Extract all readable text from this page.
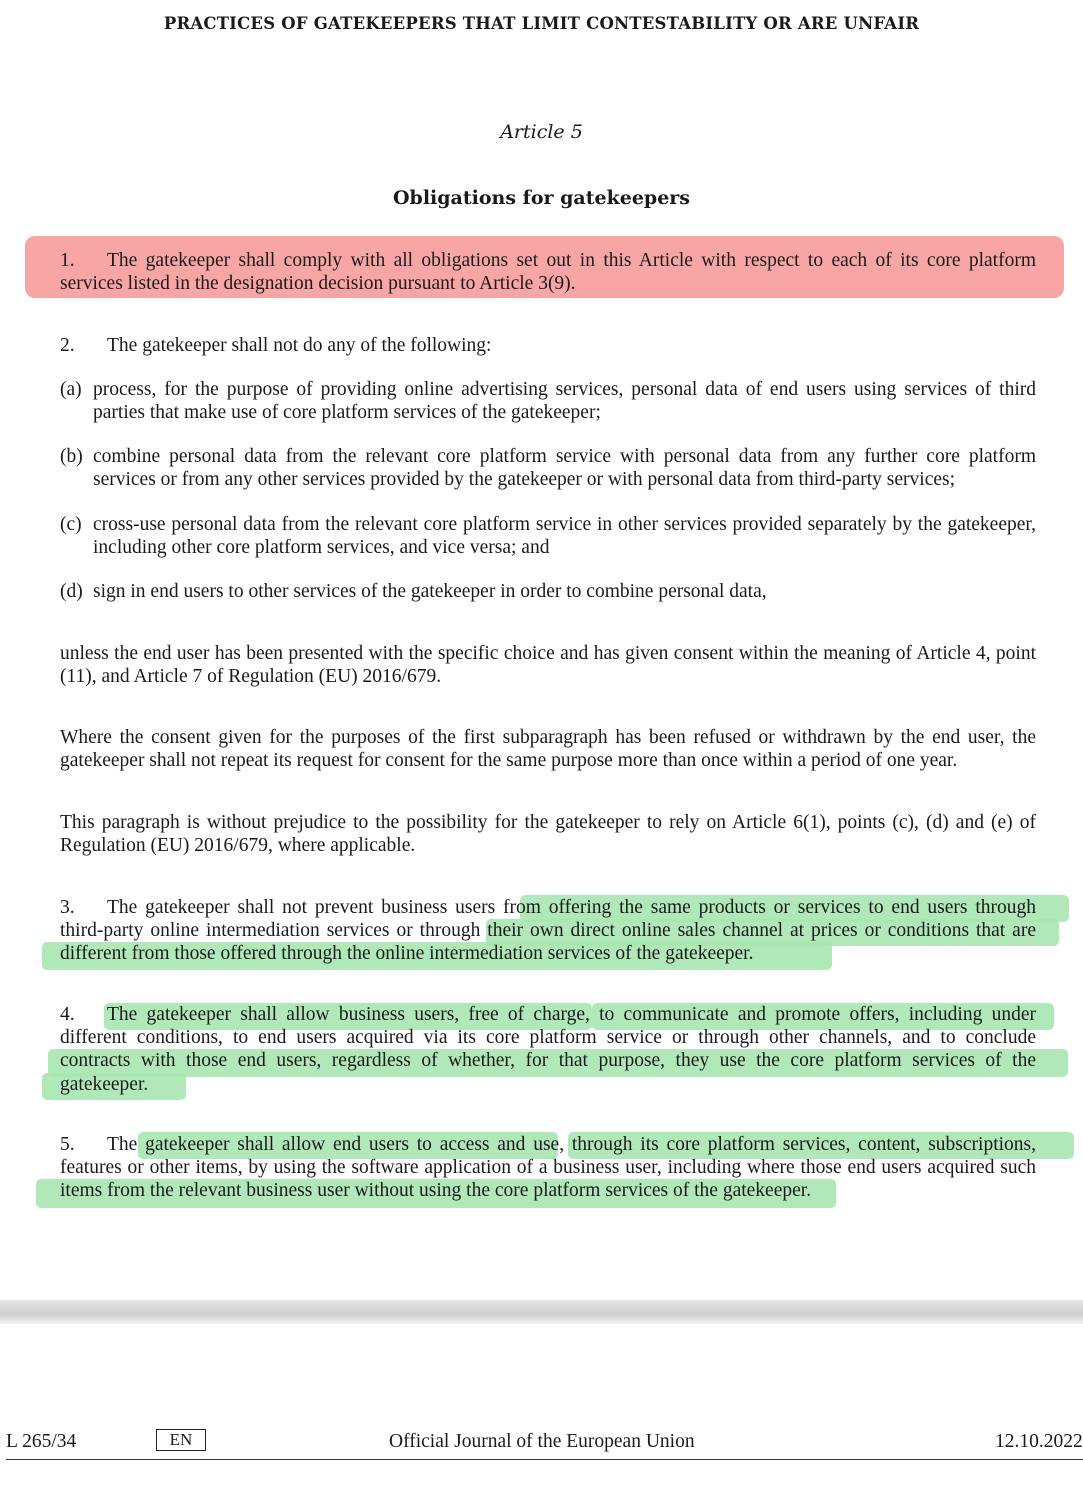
PRACTICES OF GATEKEEPERS THAT LIMIT CONTESTABILITY OR ARE UNFAIR
Article 5
Obligations for gatekeepers
1. The gatekeeper shall comply with all obligations set out in this Article with respect to each of its core platform
services listed in the designation decision pursuant to Article 3(9).
2. The gatekeeper shall not do any of the following:
(a) process, for the purpose of providing online advertising services, personal data of end users using services of third
parties that make use of core platform services of the gatekeeper;
(b) combine personal data from the relevant core platform service with personal data from any further core platform
services or from any other services provided by the gatekeeper or with personal data from third-party services;
(c) cross-use personal data from the relevant core platform service in other services provided separately by the gatekeeper,
including other core platform services, and vice versa; and
(d) sign in end users to other services of the gatekeeper in order to combine personal data,
unless the end user has been presented with the specific choice and has given consent within the meaning of Article 4, point
(11), and Article 7 of Regulation (EU) 2016/679.
Where the consent given for the purposes of the first subparagraph has been refused or withdrawn by the end user, the
gatekeeper shall not repeat its request for consent for the same purpose more than once within a period of one year.
This paragraph is without prejudice to the possibility for the gatekeeper to rely on Article 6(1), points (c), (d) and (e) of
Regulation (EU) 2016/679, where applicable.
3. The gatekeeper shall not prevent business users from offering the same products or services to end users through
third-party online intermediation services or through their own direct online sales channel at prices or conditions that are
different from those offered through the online intermediation services of the gatekeeper.
4. The gatekeeper shall allow business users, free of charge, to communicate and promote offers, including under
different conditions, to end users acquired via its core platform service or through other channels, and to conclude
contracts with those end users, regardless of whether, for that purpose, they use the core platform services of the
gatekeeper.
5. The gatekeeper shall allow end users to access and use, through its core platform services, content, subscriptions,
features or other items, by using the software application of a business user, including where those end users acquired such
items from the relevant business user without using the core platform services of the gatekeeper.
L 265/34	EN	Official Journal of the European Union	12.10.2022
